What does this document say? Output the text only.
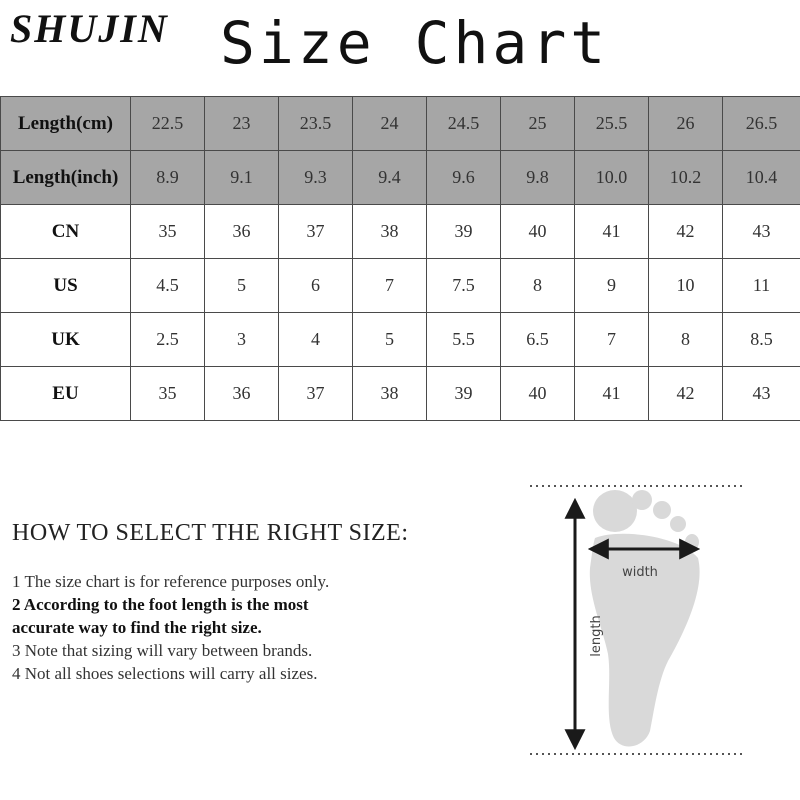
SHUJIN Size Chart
Length(cm)	22.5	23	23.5	24	24.5	25	25.5	26	26.5
Length(inch)	8.9	9.1	9.3	9.4	9.6	9.8	10.0	10.2	10.4
CN	35	36	37	38	39	40	41	42	43
US	4.5	5	6	7	7.5	8	9	10	11
UK	2.5	3	4	5	5.5	6.5	7	8	8.5
EU	35	36	37	38	39	40	41	42	43
HOW TO SELECT THE RIGHT SIZE:
1 The size chart is for reference purposes only.
2 According to the foot length is the most
accurate way to find the right size.
3 Note that sizing will vary between brands.
4 Not all shoes selections will carry all sizes.
width
length
